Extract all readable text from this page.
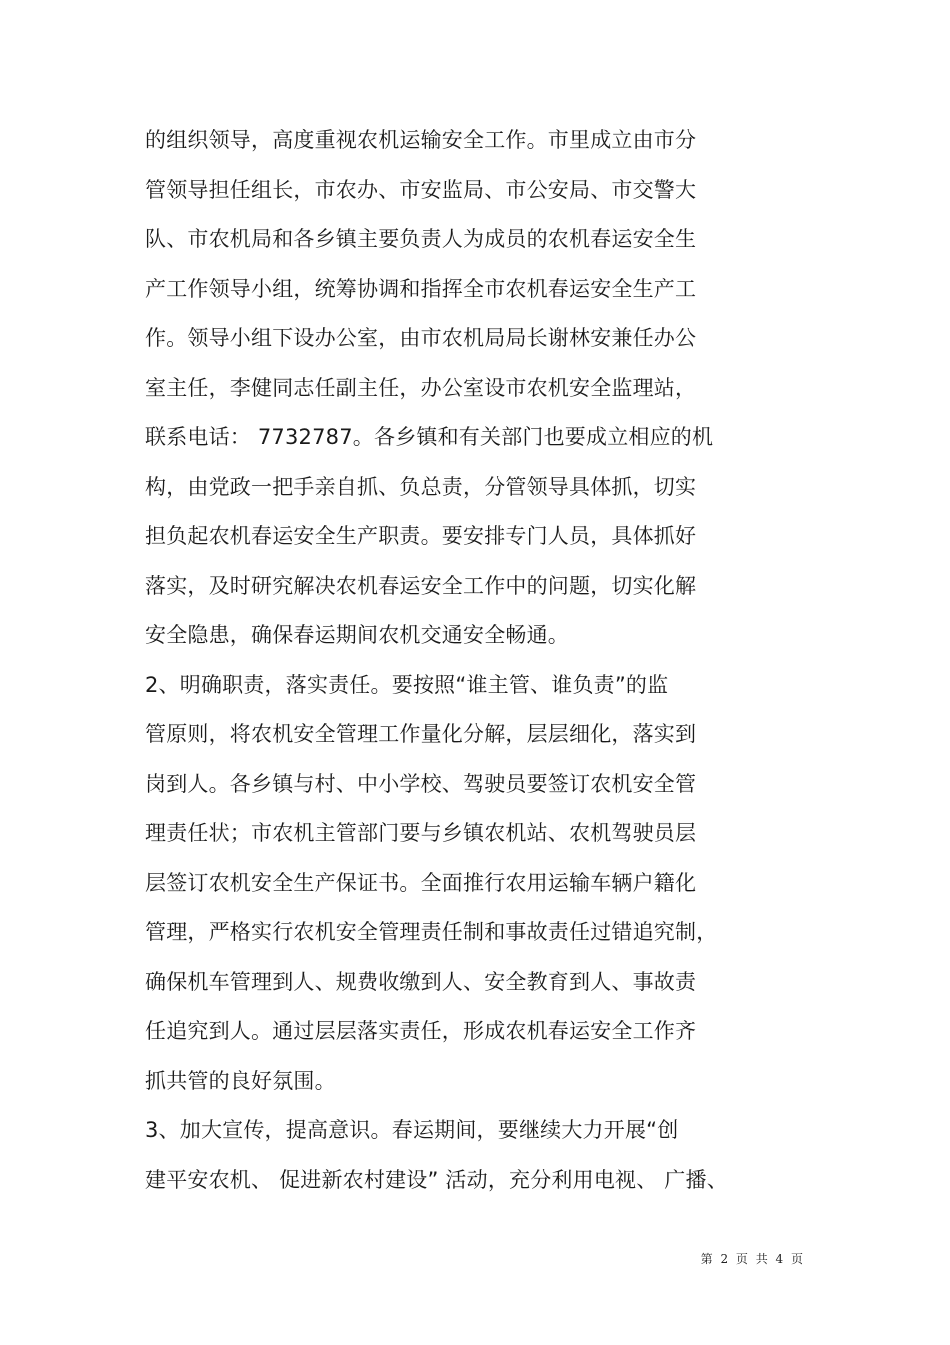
的组织领导，高度重视农机运输安全工作。市里成立由市分
管领导担任组长，市农办、市安监局、市公安局、市交警大
队、市农机局和各乡镇主要负责人为成员的农机春运安全生
产工作领导小组，统筹协调和指挥全市农机春运安全生产工
作。领导小组下设办公室，由市农机局局长谢林安兼任办公
室主任，李健同志任副主任，办公室设市农机安全监理站，
联系电话： 7732787。各乡镇和有关部门也要成立相应的机
构，由党政一把手亲自抓、负总责，分管领导具体抓，切实
担负起农机春运安全生产职责。要安排专门人员，具体抓好
落实，及时研究解决农机春运安全工作中的问题，切实化解
安全隐患，确保春运期间农机交通安全畅通。
2、明确职责，落实责任。要按照“谁主管、谁负责”的监
管原则，将农机安全管理工作量化分解，层层细化，落实到
岗到人。各乡镇与村、中小学校、驾驶员要签订农机安全管
理责任状；市农机主管部门要与乡镇农机站、农机驾驶员层
层签订农机安全生产保证书。全面推行农用运输车辆户籍化
管理，严格实行农机安全管理责任制和事故责任过错追究制，
确保机车管理到人、规费收缴到人、安全教育到人、事故责
任追究到人。通过层层落实责任，形成农机春运安全工作齐
抓共管的良好氛围。
3、加大宣传，提高意识。春运期间，要继续大力开展“创
建平安农机、 促进新农村建设” 活动，充分利用电视、 广播、
第 2 页 共 4 页
